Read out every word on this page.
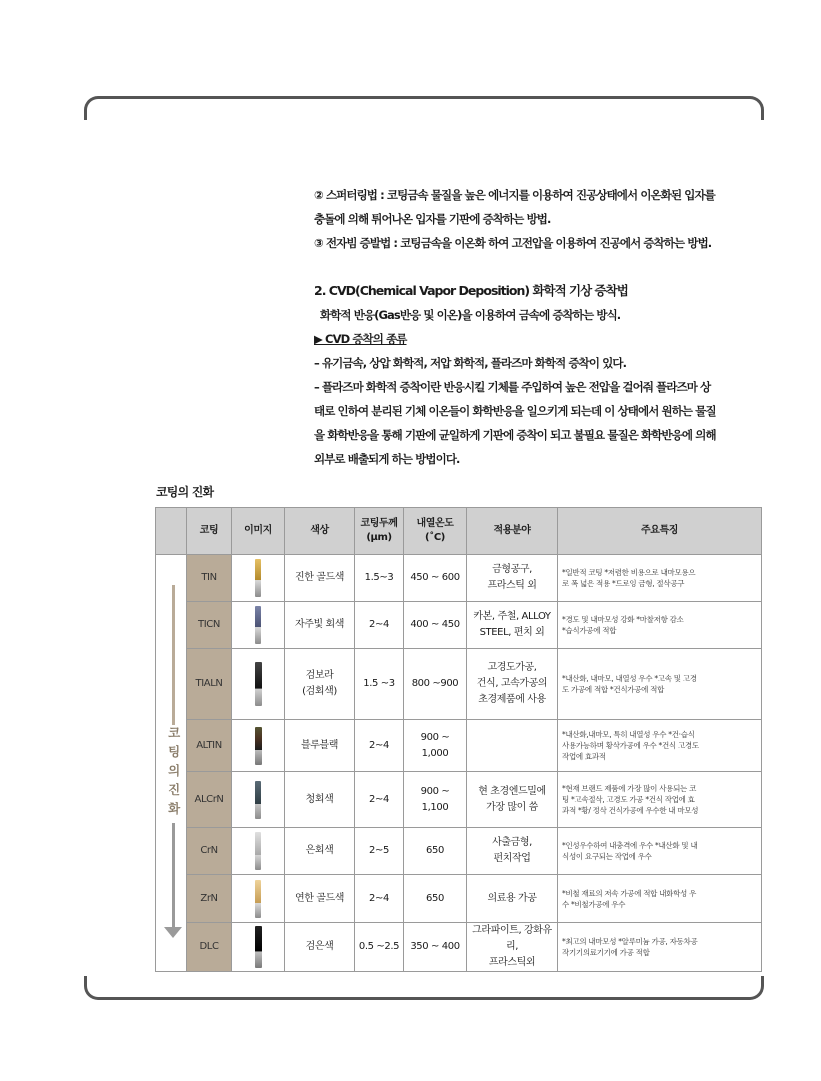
② 스퍼터링법 : 코팅금속 물질을 높은 에너지를 이용하여 진공상태에서 이온화된 입자를
충돌에 의해 튀어나온 입자를 기판에 증착하는 방법.
③ 전자빔 증발법 : 코팅금속을 이온화 하여 고전압을 이용하여 진공에서 증착하는 방법.
2. CVD(Chemical Vapor Deposition) 화학적 기상 증착법
화학적 반응(Gas반응 및 이온)을 이용하여 금속에 증착하는 방식.
▶ CVD 증착의 종류
– 유기금속, 상압 화학적, 저압 화학적, 플라즈마 화학적 증착이 있다.
– 플라즈마 화학적 증착이란 반응시킬 기체를 주입하여 높은 전압을 걸어줘 플라즈마 상
태로 인하여 분리된 기체 이온들이 화학반응을 일으키게 되는데 이 상태에서 원하는 물질
을 화학반응을 통해 기판에 균일하게 기판에 증착이 되고 불필요 물질은 화학반응에 의해
외부로 배출되게 하는 방법이다.
코팅의 진화
	코팅	이미지	색상	코팅두께
(µm)	내열온도
(˚C)	적용분야	주요특징

코팅의진화	TIN		진한 골드색	1.5~3	450 ~ 600	금형공구,
프라스틱 외	*일반적 코팅 *저렴한 비용으로 내마모용으
로 폭 넓은 적용 *드로잉 금형, 절삭공구
	TICN		자주빛 회색	2~4	400 ~ 450	카본, 주철, ALLOY
STEEL, 편치 외	*경도 및 내마모성 강화 *마찰저항 감소
*습식가공에 적합
	TIALN		검보라
(검회색)	1.5 ~3	800 ~900	고경도가공,
건식, 고속가공의
초경제품에 사용	*내산화, 내마모, 내열성 우수 *고속 및 고경
도 가공에 적합 *건식가공에 적합
	ALTIN		블루블랙	2~4	900 ~ 1,000		*내산화,내마모, 특히 내열성 우수 *건·습식
사용가능하며 황삭가공에 우수 *건식 고경도
작업에 효과적
	ALCrN		청회색	2~4	900 ~ 1,100	현 초경엔드밀에
가장 많이 씀	*현재 브랜드 제품에 가장 많이 사용되는 코
팅 *고속절삭, 고경도 가공 *건식 작업에 효
과적 *황/ 정삭 건식가공에 우수한 내 마모성
	CrN		은회색	2~5	650	사출금형,
펀치작업	*인성우수하여 내충격에 우수 *내산화 및 내
식성이 요구되는 작업에 우수
	ZrN		연한 골드색	2~4	650	의료용 가공	*비철 재료의 저속 가공에 적합 내화학성 우
수 *비철가공에 우수
	DLC		검은색	0.5 ~2.5	350 ~ 400	그라파이트, 강화유리,
프라스틱외	*최고의 내마모성 *알루미늄 가공, 자동차공
작기기의료기기에 가공 적합
